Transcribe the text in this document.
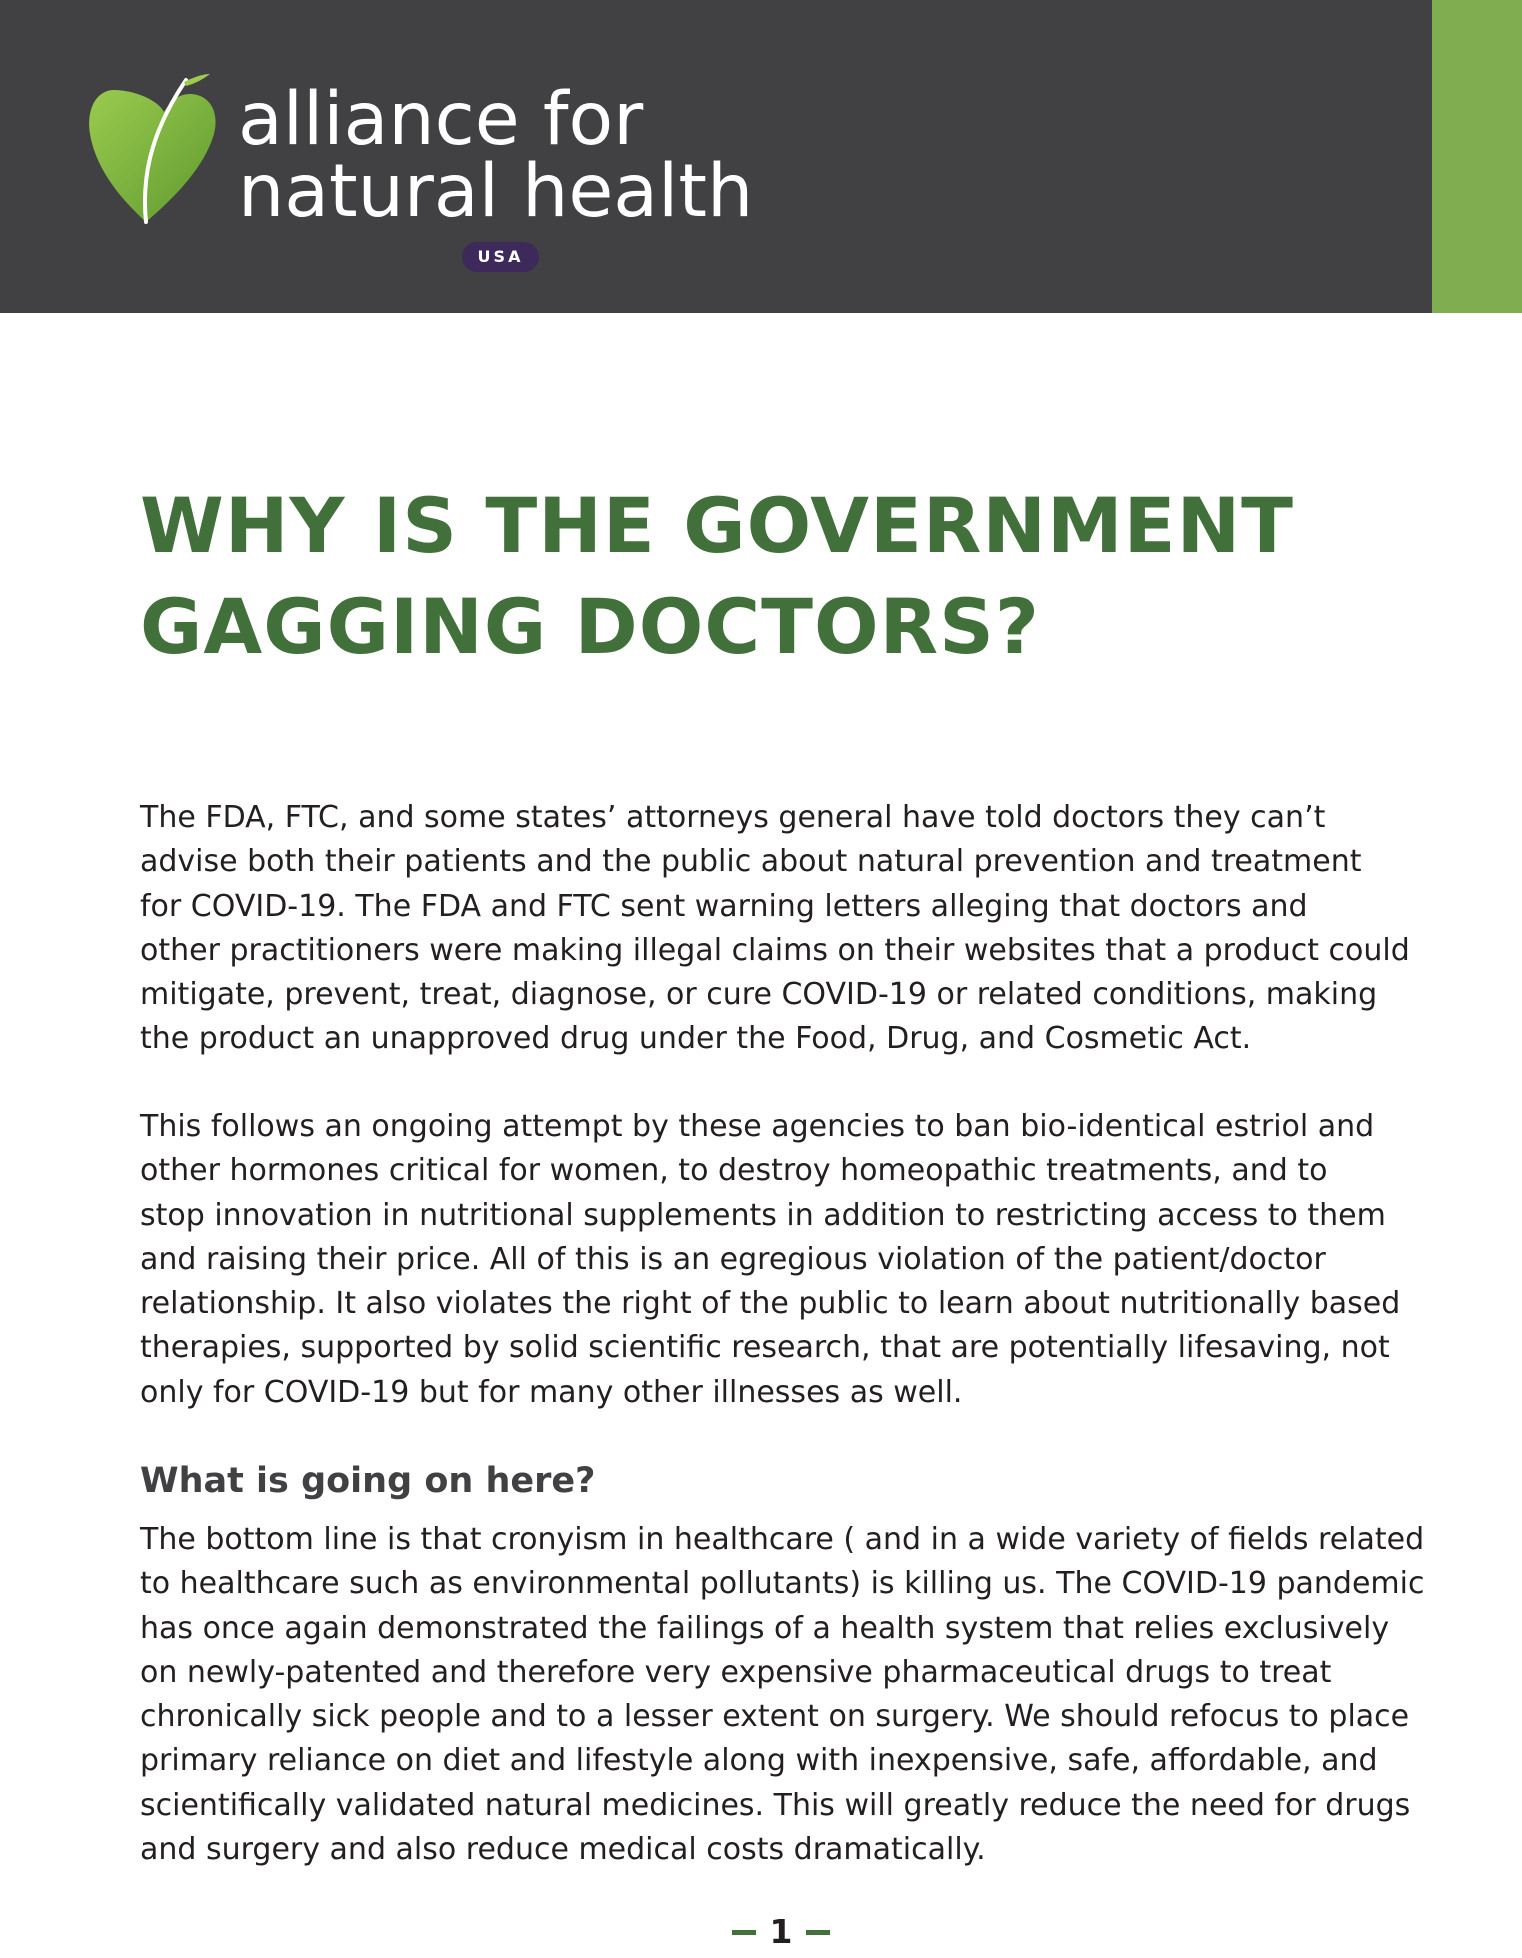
alliance for
natural health
USA
WHY IS THE GOVERNMENT
GAGGING DOCTORS?

The FDA, FTC, and some states’ attorneys general have told doctors they can’t
advise both their patients and the public about natural prevention and treatment
for COVID-19. The FDA and FTC sent warning letters alleging that doctors and
other practitioners were making illegal claims on their websites that a product could
mitigate, prevent, treat, diagnose, or cure COVID-19 or related conditions, making
the product an unapproved drug under the Food, Drug, and Cosmetic Act.

This follows an ongoing attempt by these agencies to ban bio-identical estriol and
other hormones critical for women, to destroy homeopathic treatments, and to
stop innovation in nutritional supplements in addition to restricting access to them
and raising their price. All of this is an egregious violation of the patient/doctor
relationship. It also violates the right of the public to learn about nutritionally based
therapies, supported by solid scientific research, that are potentially lifesaving, not
only for COVID-19 but for many other illnesses as well.

What is going on here?

The bottom line is that cronyism in healthcare ( and in a wide variety of fields related
to healthcare such as environmental pollutants) is killing us. The COVID-19 pandemic
has once again demonstrated the failings of a health system that relies exclusively
on newly-patented and therefore very expensive pharmaceutical drugs to treat
chronically sick people and to a lesser extent on surgery. We should refocus to place
primary reliance on diet and lifestyle along with inexpensive, safe, affordable, and
scientifically validated natural medicines. This will greatly reduce the need for drugs
and surgery and also reduce medical costs dramatically.

1
